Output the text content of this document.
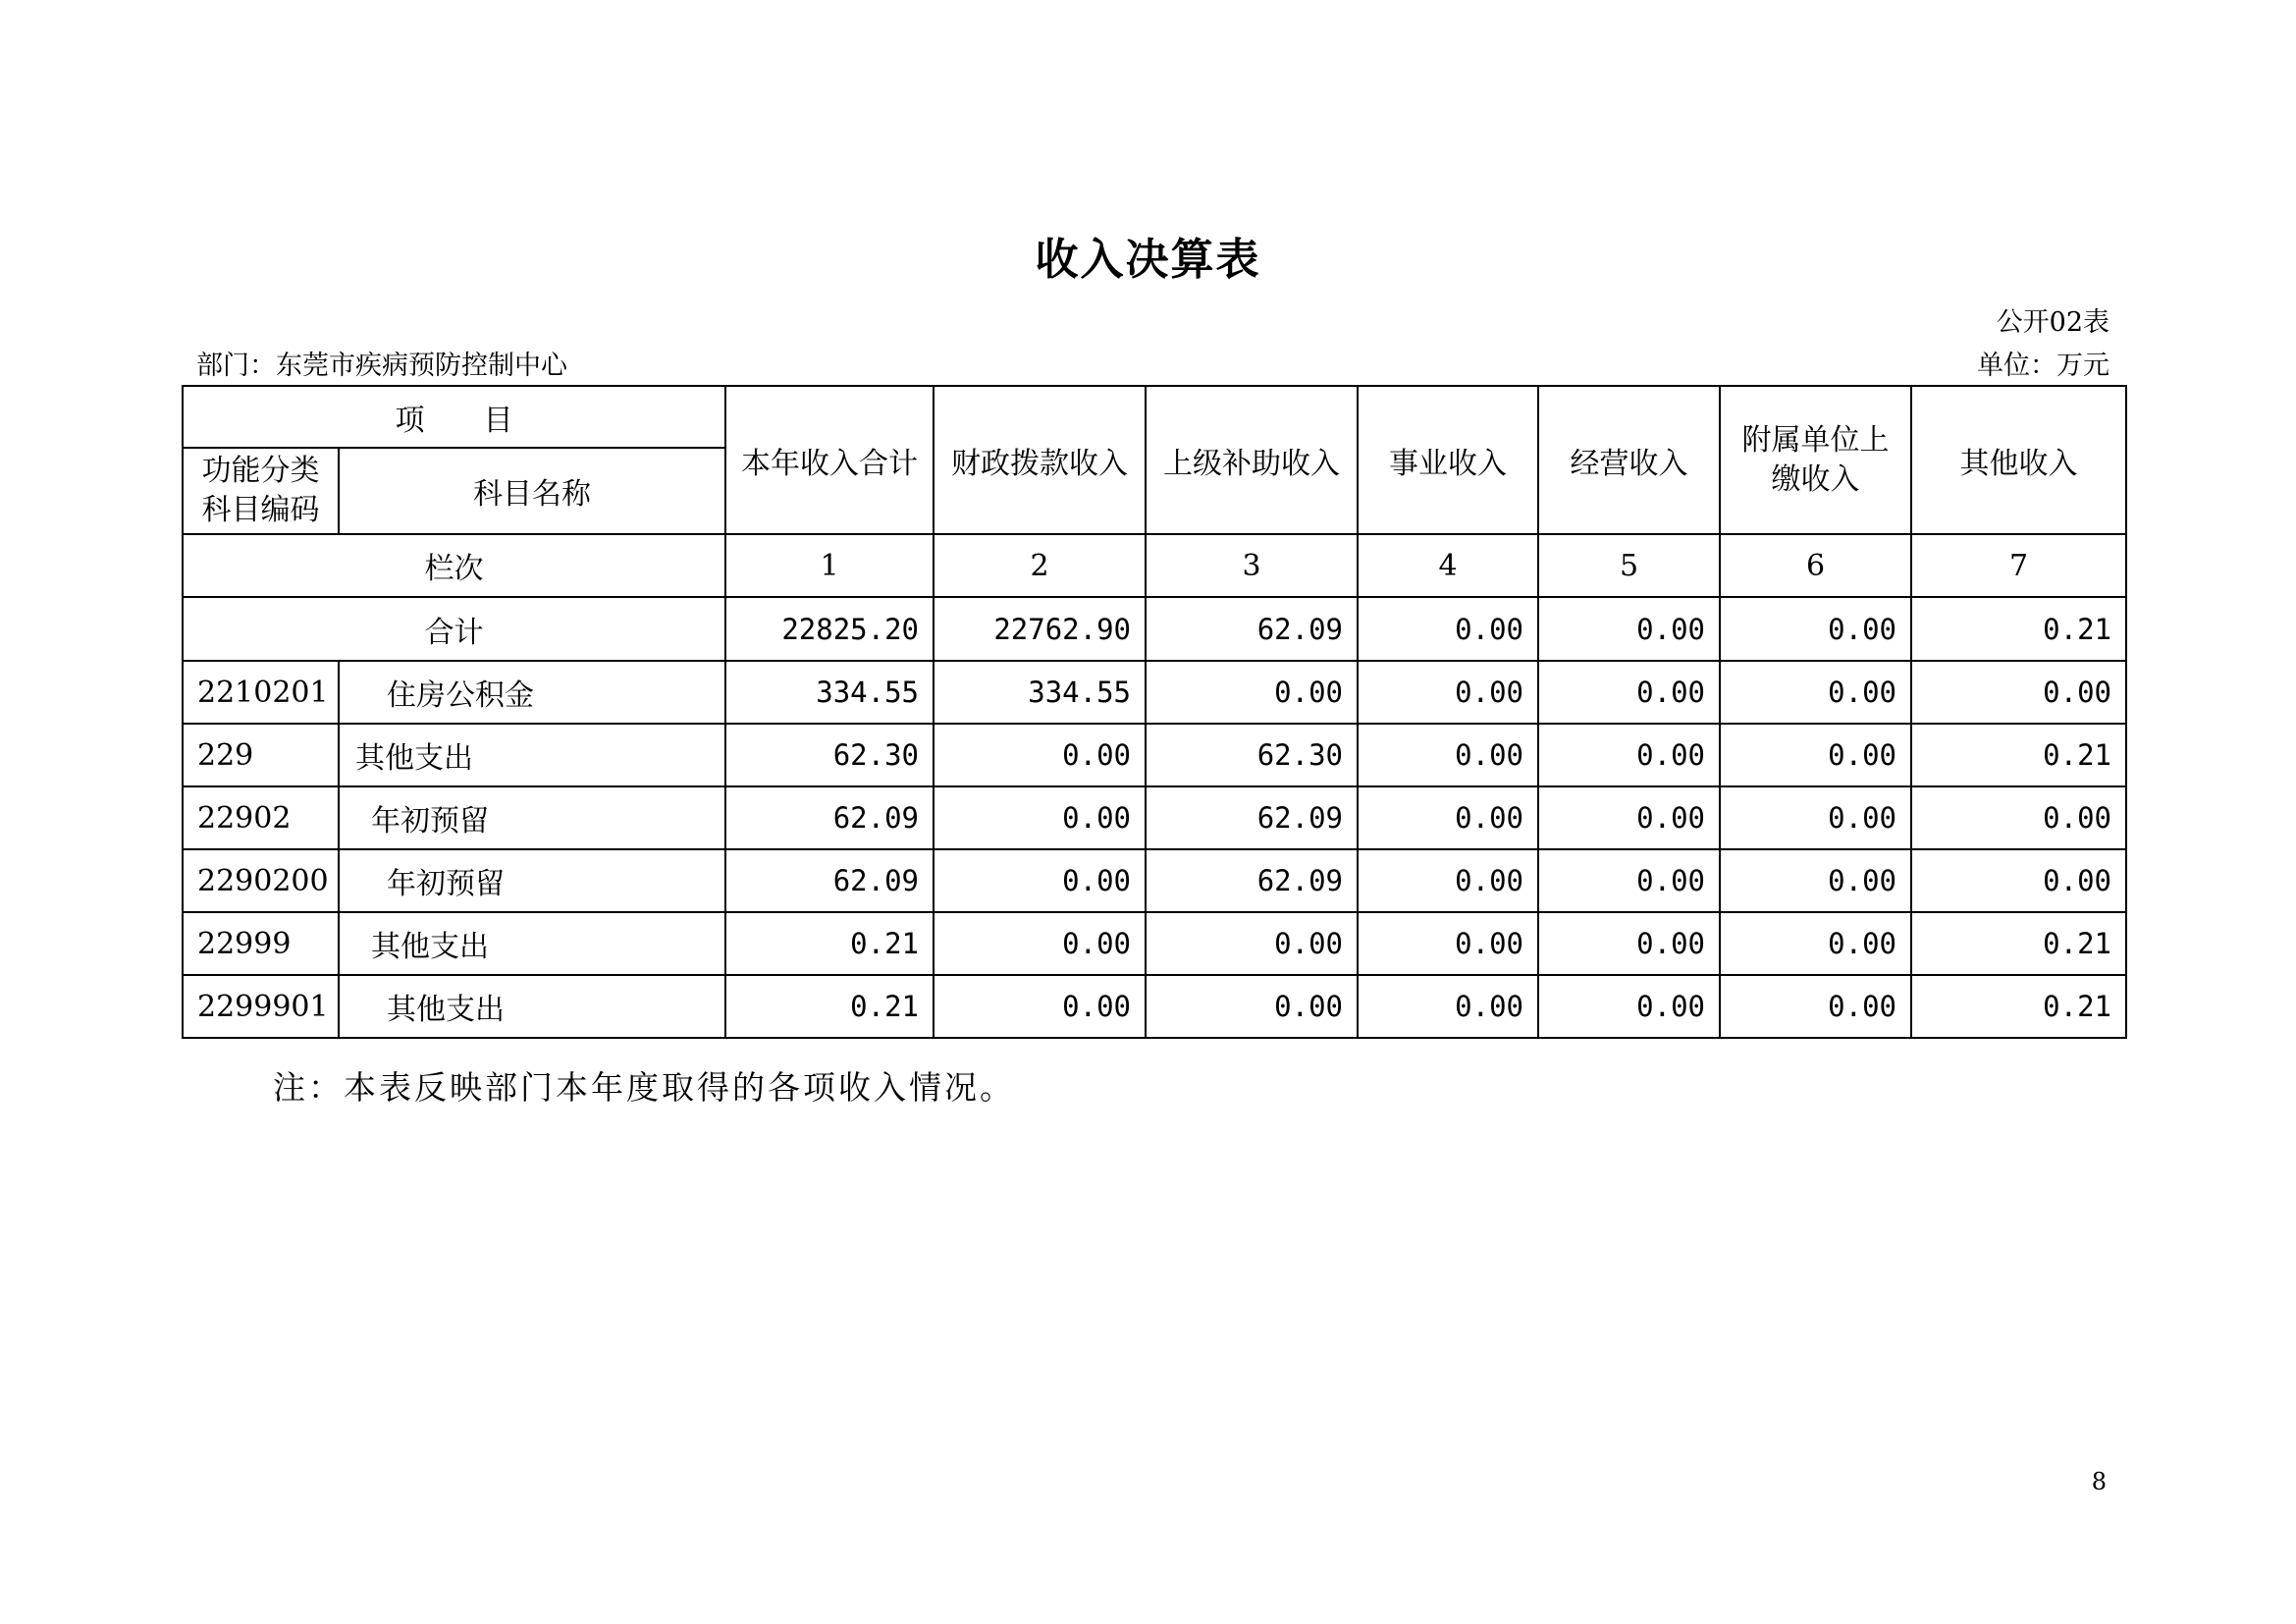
收入决算表
公开02表
部门：东莞市疾病预防控制中心	单位：万元
项　　目		本年收入合计	财政拨款收入	上级补助收入	事业收入	经营收入	附属单位上缴收入	其他收入
功能分类科目编码	科目名称							
栏次		1	2	3	4	5	6	7
合计		22825.20	22762.90	62.09	0.00	0.00	0.00	0.21
2210201	住房公积金	334.55	334.55	0.00	0.00	0.00	0.00	0.00
229	其他支出	62.30	0.00	62.30	0.00	0.00	0.00	0.21
22902	年初预留	62.09	0.00	62.09	0.00	0.00	0.00	0.00
2290200	年初预留	62.09	0.00	62.09	0.00	0.00	0.00	0.00
22999	其他支出	0.21	0.00	0.00	0.00	0.00	0.00	0.21
2299901	其他支出	0.21	0.00	0.00	0.00	0.00	0.00	0.21
注：本表反映部门本年度取得的各项收入情况。
8
